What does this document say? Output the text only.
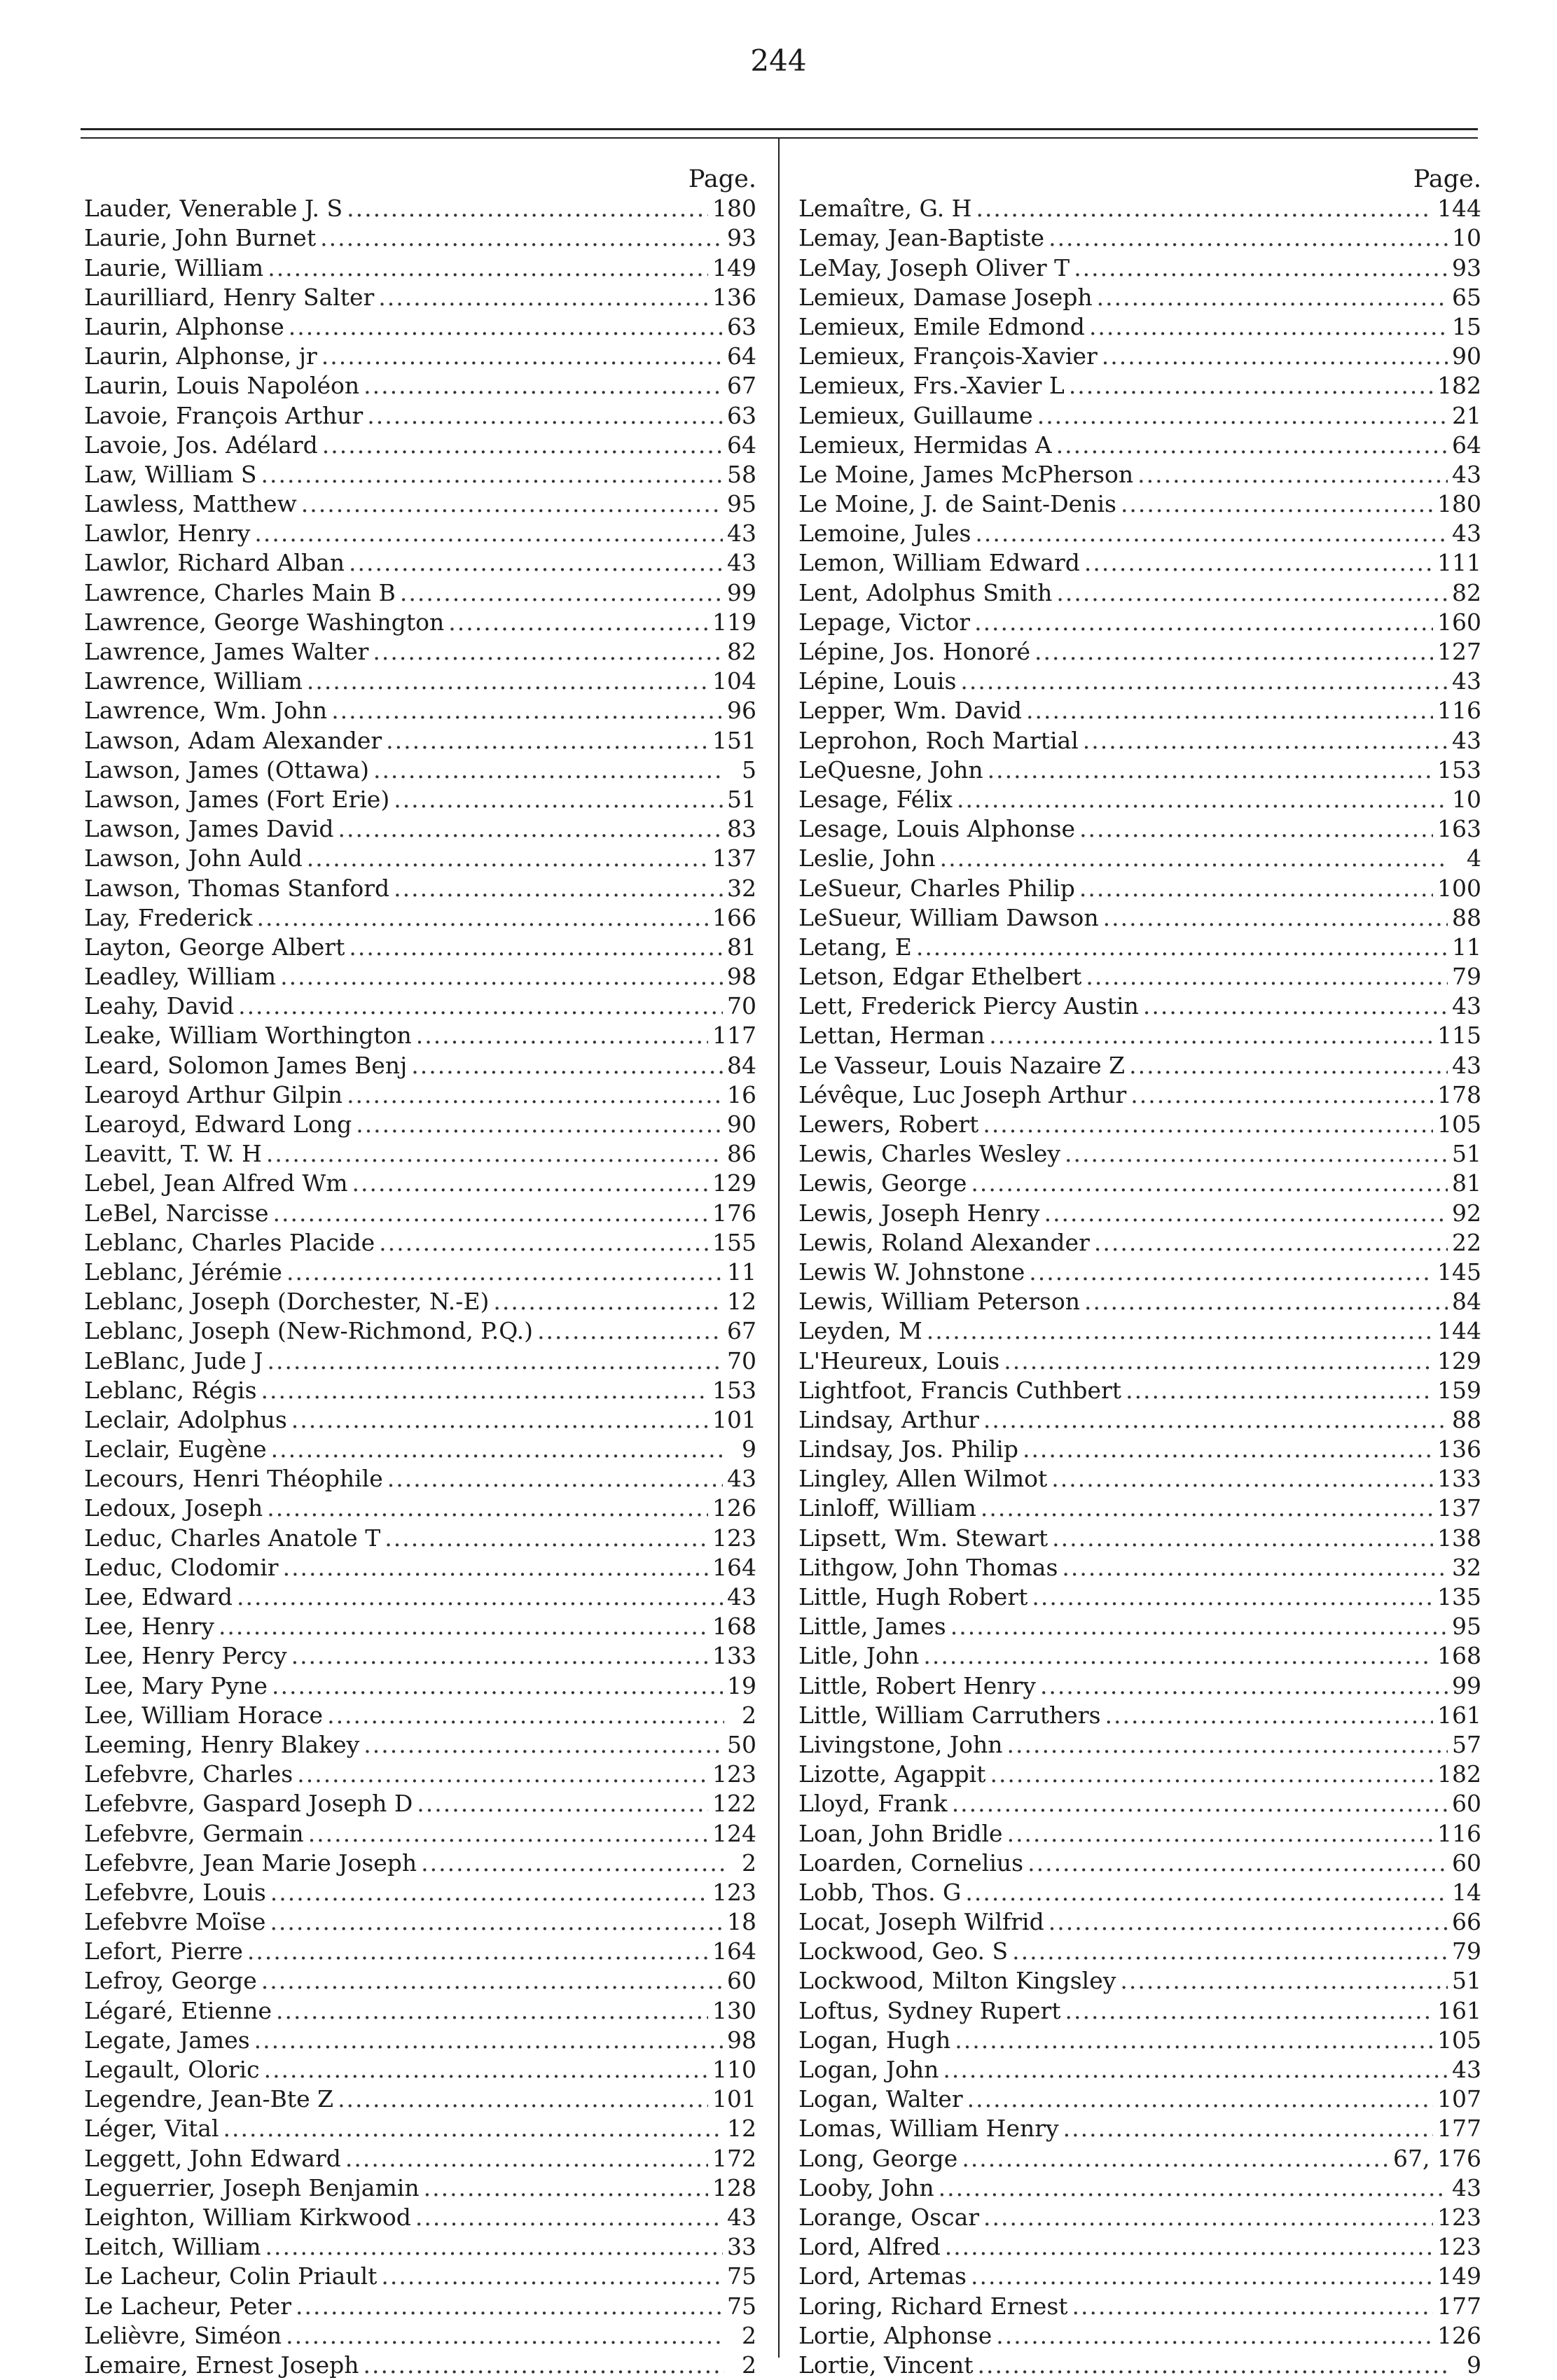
244
Page.
Lauder, Venerable J. S .....	180
Laurie, John Burnet .....	93
Laurie, William .....	149
Laurilliard, Henry Salter .....	136
Laurin, Alphonse .....	63
Laurin, Alphonse, jr .....	64
Laurin, Louis Napoléon .....	67
Lavoie, François Arthur .....	63
Lavoie, Jos. Adélard .....	64
Law, William S .....	58
Lawless, Matthew .....	95
Lawlor, Henry .....	43
Lawlor, Richard Alban .....	43
Lawrence, Charles Main B .....	99
Lawrence, George Washington .....	119
Lawrence, James Walter .....	82
Lawrence, William .....	104
Lawrence, Wm. John .....	96
Lawson, Adam Alexander .....	151
Lawson, James (Ottawa) .....	5
Lawson, James (Fort Erie) .....	51
Lawson, James David .....	83
Lawson, John Auld .....	137
Lawson, Thomas Stanford .....	32
Lay, Frederick .....	166
Layton, George Albert .....	81
Leadley, William .....	98
Leahy, David .....	70
Leake, William Worthington .....	117
Leard, Solomon James Benj .....	84
Learoyd Arthur Gilpin .....	16
Learoyd, Edward Long .....	90
Leavitt, T. W. H .....	86
Lebel, Jean Alfred Wm .....	129
LeBel, Narcisse .....	176
Leblanc, Charles Placide .....	155
Leblanc, Jérémie .....	11
Leblanc, Joseph (Dorchester, N.-E) .....	12
Leblanc, Joseph (New-Richmond, P.Q.) .....	67
LeBlanc, Jude J .....	70
Leblanc, Régis .....	153
Leclair, Adolphus .....	101
Leclair, Eugène .....	9
Lecours, Henri Théophile .....	43
Ledoux, Joseph .....	126
Leduc, Charles Anatole T .....	123
Leduc, Clodomir .....	164
Lee, Edward .....	43
Lee, Henry .....	168
Lee, Henry Percy .....	133
Lee, Mary Pyne .....	19
Lee, William Horace .....	2
Leeming, Henry Blakey .....	50
Lefebvre, Charles .....	123
Lefebvre, Gaspard Joseph D .....	122
Lefebvre, Germain .....	124
Lefebvre, Jean Marie Joseph .....	2
Lefebvre, Louis .....	123
Lefebvre Moïse .....	18
Lefort, Pierre .....	164
Lefroy, George .....	60
Légaré, Etienne .....	130
Legate, James .....	98
Legault, Oloric .....	110
Legendre, Jean-Bte Z .....	101
Léger, Vital .....	12
Leggett, John Edward .....	172
Leguerrier, Joseph Benjamin .....	128
Leighton, William Kirkwood .....	43
Leitch, William .....	33
Le Lacheur, Colin Priault .....	75
Le Lacheur, Peter .....	75
Lelièvre, Siméon .....	2
Lemaire, Ernest Joseph .....	2
Page.
Lemaître, G. H .....	144
Lemay, Jean-Baptiste .....	10
LeMay, Joseph Oliver T .....	93
Lemieux, Damase Joseph .....	65
Lemieux, Emile Edmond .....	15
Lemieux, François-Xavier .....	90
Lemieux, Frs.-Xavier L .....	182
Lemieux, Guillaume .....	21
Lemieux, Hermidas A .....	64
Le Moine, James McPherson .....	43
Le Moine, J. de Saint-Denis .....	180
Lemoine, Jules .....	43
Lemon, William Edward .....	111
Lent, Adolphus Smith .....	82
Lepage, Victor .....	160
Lépine, Jos. Honoré .....	127
Lépine, Louis .....	43
Lepper, Wm. David .....	116
Leprohon, Roch Martial .....	43
LeQuesne, John .....	153
Lesage, Félix .....	10
Lesage, Louis Alphonse .....	163
Leslie, John .....	4
LeSueur, Charles Philip .....	100
LeSueur, William Dawson .....	88
Letang, E .....	11
Letson, Edgar Ethelbert .....	79
Lett, Frederick Piercy Austin .....	43
Lettan, Herman .....	115
Le Vasseur, Louis Nazaire Z .....	43
Lévêque, Luc Joseph Arthur .....	178
Lewers, Robert .....	105
Lewis, Charles Wesley .....	51
Lewis, George .....	81
Lewis, Joseph Henry .....	92
Lewis, Roland Alexander .....	22
Lewis W. Johnstone .....	145
Lewis, William Peterson .....	84
Leyden, M .....	144
L'Heureux, Louis .....	129
Lightfoot, Francis Cuthbert .....	159
Lindsay, Arthur .....	88
Lindsay, Jos. Philip .....	136
Lingley, Allen Wilmot .....	133
Linloff, William .....	137
Lipsett, Wm. Stewart .....	138
Lithgow, John Thomas .....	32
Little, Hugh Robert .....	135
Little, James .....	95
Litle, John .....	168
Little, Robert Henry .....	99
Little, William Carruthers .....	161
Livingstone, John .....	57
Lizotte, Agappit .....	182
Lloyd, Frank .....	60
Loan, John Bridle .....	116
Loarden, Cornelius .....	60
Lobb, Thos. G .....	14
Locat, Joseph Wilfrid .....	66
Lockwood, Geo. S .....	79
Lockwood, Milton Kingsley .....	51
Loftus, Sydney Rupert .....	161
Logan, Hugh .....	105
Logan, John .....	43
Logan, Walter .....	107
Lomas, William Henry .....	177
Long, George .....	67, 176
Looby, John .....	43
Lorange, Oscar .....	123
Lord, Alfred .....	123
Lord, Artemas .....	149
Loring, Richard Ernest .....	177
Lortie, Alphonse .....	126
Lortie, Vincent .....	9
